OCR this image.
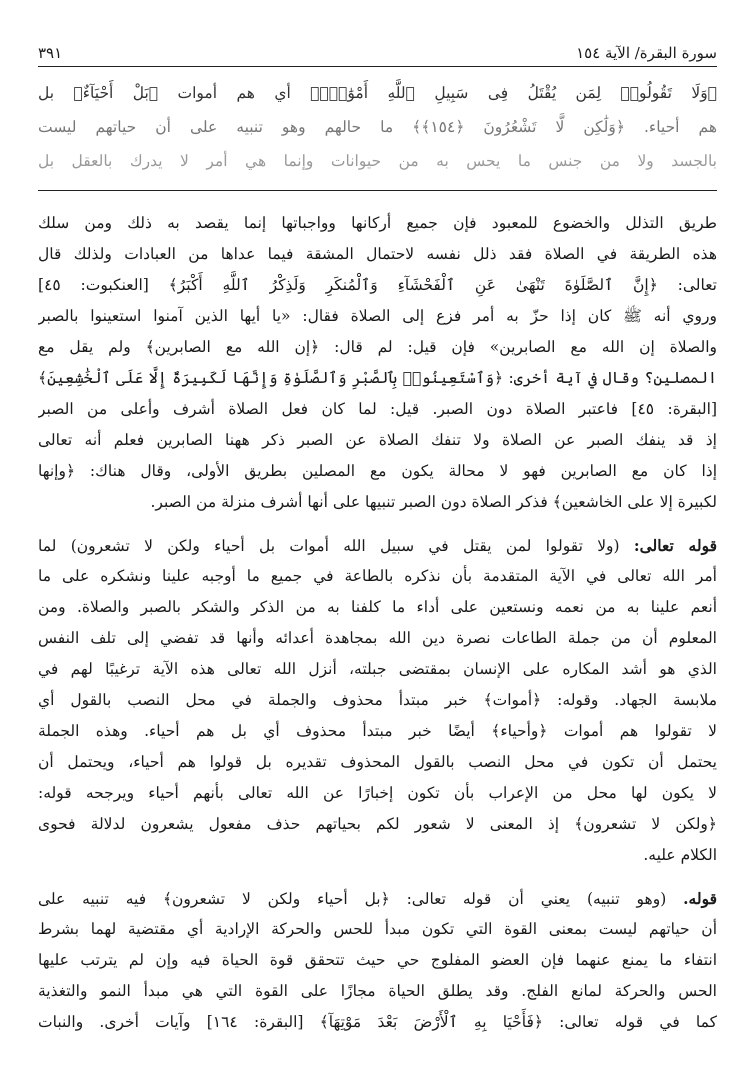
سورة البقرة/ الآية ١٥٤
٣٩١
﴿وَلَا تَقُولُوا۟ لِمَن يُقْتَلُ فِى سَبِيلِ ٱللَّهِ أَمْوَٰتٌۢ﴾ أي هم أموات ﴿بَلْ أَحْيَآءٌ﴾ بل
هم أحياء. ﴿وَلَٰكِن لَّا تَشْعُرُونَ ﴿١٥٤﴾﴾ ما حالهم وهو تنبيه على أن حياتهم ليست
بالجسد ولا من جنس ما يحس به من حيوانات وإنما هي أمر لا يدرك بالعقل بل
طريق التذلل والخضوع للمعبود فإن جميع أركانها وواجباتها إنما يقصد به ذلك ومن سلك
هذه الطريقة في الصلاة فقد ذلل نفسه لاحتمال المشقة فيما عداها من العبادات ولذلك قال
تعالى: ﴿إِنَّ ٱلصَّلَوٰةَ تَنْهَىٰ عَنِ ٱلْفَحْشَآءِ وَٱلْمُنكَرِ وَلَذِكْرُ ٱللَّهِ أَكْبَرُ﴾ [العنكبوت: ٤٥]
وروي أنه ﷺ كان إذا حزّ به أمر فزع إلى الصلاة فقال: «يا أيها الذين آمنوا استعينوا بالصبر
والصلاة إن الله مع الصابرين» فإن قيل: لم قال: ﴿إن الله مع الصابرين﴾ ولم يقل مع
المصلين؟ وقال في آية أخرى: ﴿وَٱسْتَعِينُوا۟ بِٱلصَّبْرِ وَٱلصَّلَوٰةِ وَإِنَّهَا لَكَبِيرَةٌ إِلَّا عَلَى ٱلْخَٰشِعِينَ﴾
[البقرة: ٤٥] فاعتبر الصلاة دون الصبر. قيل: لما كان فعل الصلاة أشرف وأعلى من الصبر
إذ قد ينفك الصبر عن الصلاة ولا تنفك الصلاة عن الصبر ذكر ههنا الصابرين فعلم أنه تعالى
إذا كان مع الصابرين فهو لا محالة يكون مع المصلين بطريق الأولى، وقال هناك: ﴿وإنها
لكبيرة إلا على الخاشعين﴾ فذكر الصلاة دون الصبر تنبيها على أنها أشرف منزلة من الصبر.
قوله تعالى: (ولا تقولوا لمن يقتل في سبيل الله أموات بل أحياء ولكن لا تشعرون) لما
أمر الله تعالى في الآية المتقدمة بأن نذكره بالطاعة في جميع ما أوجبه علينا ونشكره على ما
أنعم علينا به من نعمه ونستعين على أداء ما كلفنا به من الذكر والشكر بالصبر والصلاة. ومن
المعلوم أن من جملة الطاعات نصرة دين الله بمجاهدة أعدائه وأنها قد تفضي إلى تلف النفس
الذي هو أشد المكاره على الإنسان بمقتضى جبلته، أنزل الله تعالى هذه الآية ترغيبًا لهم في
ملابسة الجهاد. وقوله: ﴿أموات﴾ خبر مبتدأ محذوف والجملة في محل النصب بالقول أي
لا تقولوا هم أموات ﴿وأحياء﴾ أيضًا خبر مبتدأ محذوف أي بل هم أحياء. وهذه الجملة
يحتمل أن تكون في محل النصب بالقول المحذوف تقديره بل قولوا هم أحياء، ويحتمل أن
لا يكون لها محل من الإعراب بأن تكون إخبارًا عن الله تعالى بأنهم أحياء ويرجحه قوله:
﴿ولكن لا تشعرون﴾ إذ المعنى لا شعور لكم بحياتهم حذف مفعول يشعرون لدلالة فحوى
الكلام عليه.
قوله. (وهو تنبيه) يعني أن قوله تعالى: ﴿بل أحياء ولكن لا تشعرون﴾ فيه تنبيه على
أن حياتهم ليست بمعنى القوة التي تكون مبدأ للحس والحركة الإرادية أي مقتضية لهما بشرط
انتفاء ما يمنع عنهما فإن العضو المفلوج حي حيث تتحقق قوة الحياة فيه وإن لم يترتب عليها
الحس والحركة لمانع الفلج. وقد يطلق الحياة مجازًا على القوة التي هي مبدأ النمو والتغذية
كما في قوله تعالى: ﴿فَأَحْيَا بِهِ ٱلْأَرْضَ بَعْدَ مَوْتِهَآ﴾ [البقرة: ١٦٤] وآيات أخرى. والنبات
